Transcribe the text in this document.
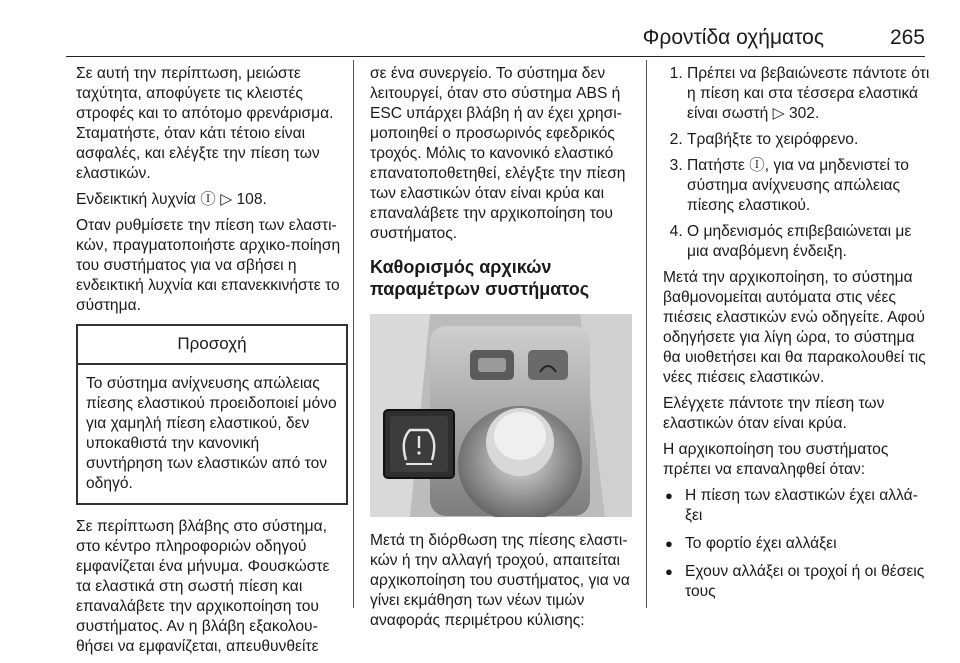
Φροντίδα οχήματος	265

Σε αυτή την περίπτωση, μειώστε ταχύτητα, αποφύγετε τις κλειστές στροφές και το απότομο φρενάρισμα. Σταματήστε, όταν κάτι τέτοιο είναι ασφαλές, και ελέγξτε την πίεση των ελαστικών.

Ενδεικτική λυχνία Ⓘ ▷ 108.

Οταν ρυθμίσετε την πίεση των ελαστι-κών, πραγματοποιήστε αρχικο-ποίηση του συστήματος για να σβήσει η ενδεικτική λυχνία και επανεκκινήστε το σύστημα.

Προσοχή
Το σύστημα ανίχνευσης απώλειας πίεσης ελαστικού προειδοποιεί μόνο για χαμηλή πίεση ελαστικού, δεν υποκαθιστά την κανονική συντήρηση των ελαστικών από τον οδηγό.

Σε περίπτωση βλάβης στο σύστημα, στο κέντρο πληροφοριών οδηγού εμφανίζεται ένα μήνυμα. Φουσκώστε τα ελαστικά στη σωστή πίεση και επαναλάβετε την αρχικοποίηση του συστήματος. Αν η βλάβη εξακολου-θήσει να εμφανίζεται, απευθυνθείτε

σε ένα συνεργείο. Το σύστημα δεν λειτουργεί, όταν στο σύστημα ABS ή ESC υπάρχει βλάβη ή αν έχει χρησι-μοποιηθεί ο προσωρινός εφεδρικός τροχός. Μόλις το κανονικό ελαστικό επανατοποθετηθεί, ελέγξτε την πίεση των ελαστικών όταν είναι κρύα και επαναλάβετε την αρχικοποίηση του συστήματος.

Καθορισμός αρχικών παραμέτρων συστήματος

Μετά τη διόρθωση της πίεσης ελαστι-κών ή την αλλαγή τροχού, απαιτείται αρχικοποίηση του συστήματος, για να γίνει εκμάθηση των νέων τιμών αναφοράς περιμέτρου κύλισης:

1. Πρέπει να βεβαιώνεστε πάντοτε ότι η πίεση και στα τέσσερα ελαστικά είναι σωστή ▷ 302.
2. Τραβήξτε το χειρόφρενο.
3. Πατήστε Ⓘ, για να μηδενιστεί το σύστημα ανίχνευσης απώλειας πίεσης ελαστικού.
4. Ο μηδενισμός επιβεβαιώνεται με μια αναβόμενη ένδειξη.

Μετά την αρχικοποίηση, το σύστημα βαθμονομείται αυτόματα στις νέες πιέσεις ελαστικών ενώ οδηγείτε. Αφού οδηγήσετε για λίγη ώρα, το σύστημα θα υιοθετήσει και θα παρακολουθεί τις νέες πιέσεις ελαστικών.

Ελέγχετε πάντοτε την πίεση των ελαστικών όταν είναι κρύα.

Η αρχικοποίηση του συστήματος πρέπει να επαναληφθεί όταν:

● Η πίεση των ελαστικών έχει αλλά-ξει
● Το φορτίο έχει αλλάξει
● Εχουν αλλάξει οι τροχοί ή οι θέσεις τους
